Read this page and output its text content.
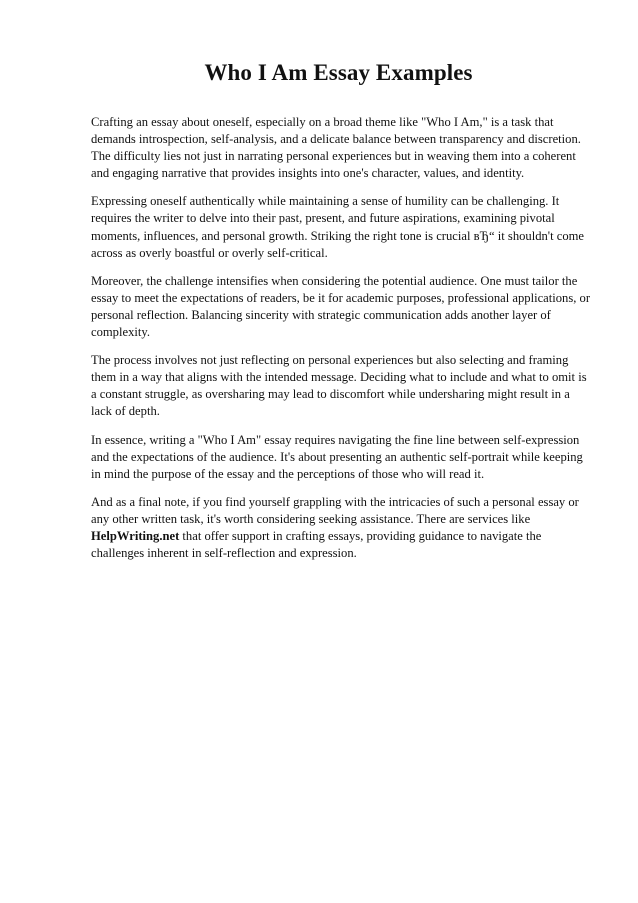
Who I Am Essay Examples

Crafting an essay about oneself, especially on a broad theme like "Who I Am," is a task that demands introspection, self-analysis, and a delicate balance between transparency and discretion. The difficulty lies not just in narrating personal experiences but in weaving them into a coherent and engaging narrative that provides insights into one's character, values, and identity.

Expressing oneself authentically while maintaining a sense of humility can be challenging. It requires the writer to delve into their past, present, and future aspirations, examining pivotal moments, influences, and personal growth. Striking the right tone is crucial вЂ“ it shouldn't come across as overly boastful or overly self-critical.

Moreover, the challenge intensifies when considering the potential audience. One must tailor the essay to meet the expectations of readers, be it for academic purposes, professional applications, or personal reflection. Balancing sincerity with strategic communication adds another layer of complexity.

The process involves not just reflecting on personal experiences but also selecting and framing them in a way that aligns with the intended message. Deciding what to include and what to omit is a constant struggle, as oversharing may lead to discomfort while undersharing might result in a lack of depth.

In essence, writing a "Who I Am" essay requires navigating the fine line between self-expression and the expectations of the audience. It's about presenting an authentic self-portrait while keeping in mind the purpose of the essay and the perceptions of those who will read it.

And as a final note, if you find yourself grappling with the intricacies of such a personal essay or any other written task, it's worth considering seeking assistance. There are services like HelpWriting.net that offer support in crafting essays, providing guidance to navigate the challenges inherent in self-reflection and expression.
